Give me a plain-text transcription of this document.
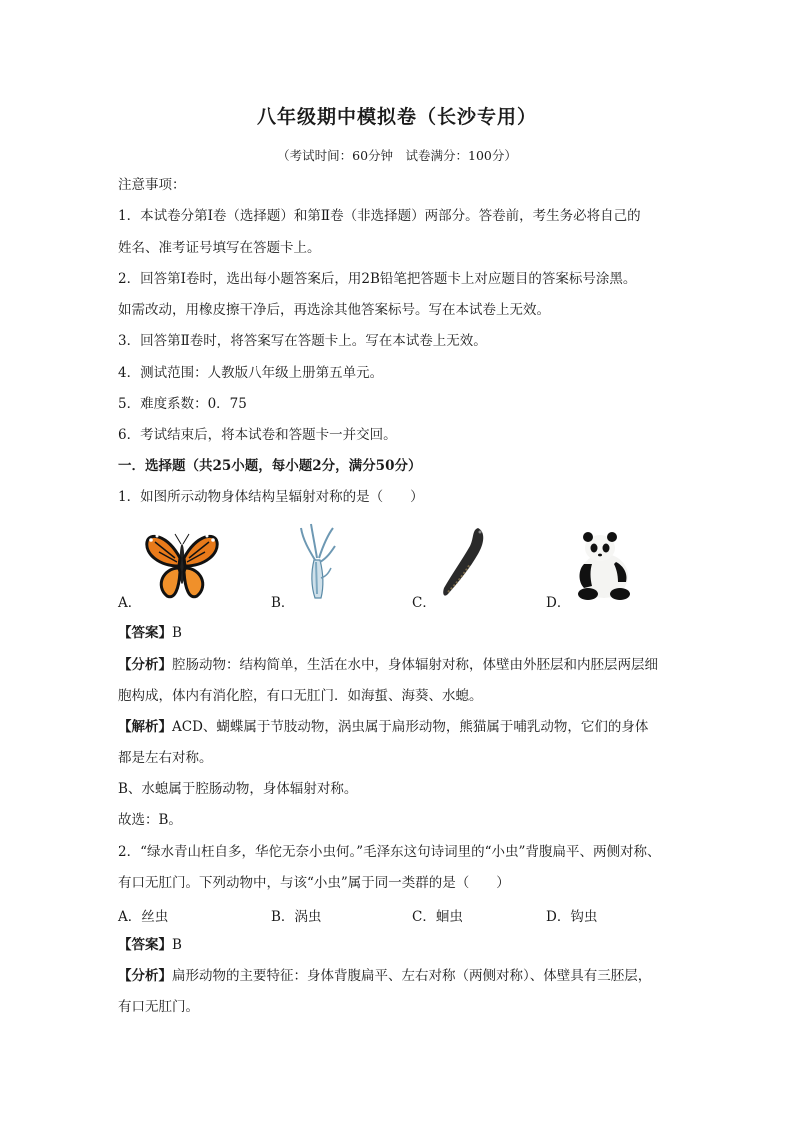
八年级期中模拟卷（长沙专用）
（考试时间：60分钟　试卷满分：100分）
注意事项：
1．本试卷分第Ⅰ卷（选择题）和第Ⅱ卷（非选择题）两部分。答卷前，考生务必将自己的
姓名、准考证号填写在答题卡上。
2．回答第Ⅰ卷时，选出每小题答案后，用2B铅笔把答题卡上对应题目的答案标号涂黑。
如需改动，用橡皮擦干净后，再选涂其他答案标号。写在本试卷上无效。
3．回答第Ⅱ卷时，将答案写在答题卡上。写在本试卷上无效。
4．测试范围：人教版八年级上册第五单元。
5．难度系数：0．75
6．考试结束后，将本试卷和答题卡一并交回。
一．选择题（共25小题，每小题2分，满分50分）
1．如图所示动物身体结构呈辐射对称的是（　　）
A．	B．	C．	D．
【答案】B
【分析】腔肠动物：结构简单，生活在水中，身体辐射对称，体壁由外胚层和内胚层两层细
胞构成，体内有消化腔，有口无肛门．如海蜇、海葵、水螅。
【解析】ACD、蝴蝶属于节肢动物，涡虫属于扁形动物，熊猫属于哺乳动物，它们的身体
都是左右对称。
B、水螅属于腔肠动物，身体辐射对称。
故选：B。
2．“绿水青山枉自多，华佗无奈小虫何。”毛泽东这句诗词里的“小虫”背腹扁平、两侧对称、
有口无肛门。下列动物中，与该“小虫”属于同一类群的是（　　）
A．丝虫	B．涡虫	C．蛔虫	D．钩虫
【答案】B
【分析】扁形动物的主要特征：身体背腹扁平、左右对称（两侧对称）、体壁具有三胚层，
有口无肛门。
